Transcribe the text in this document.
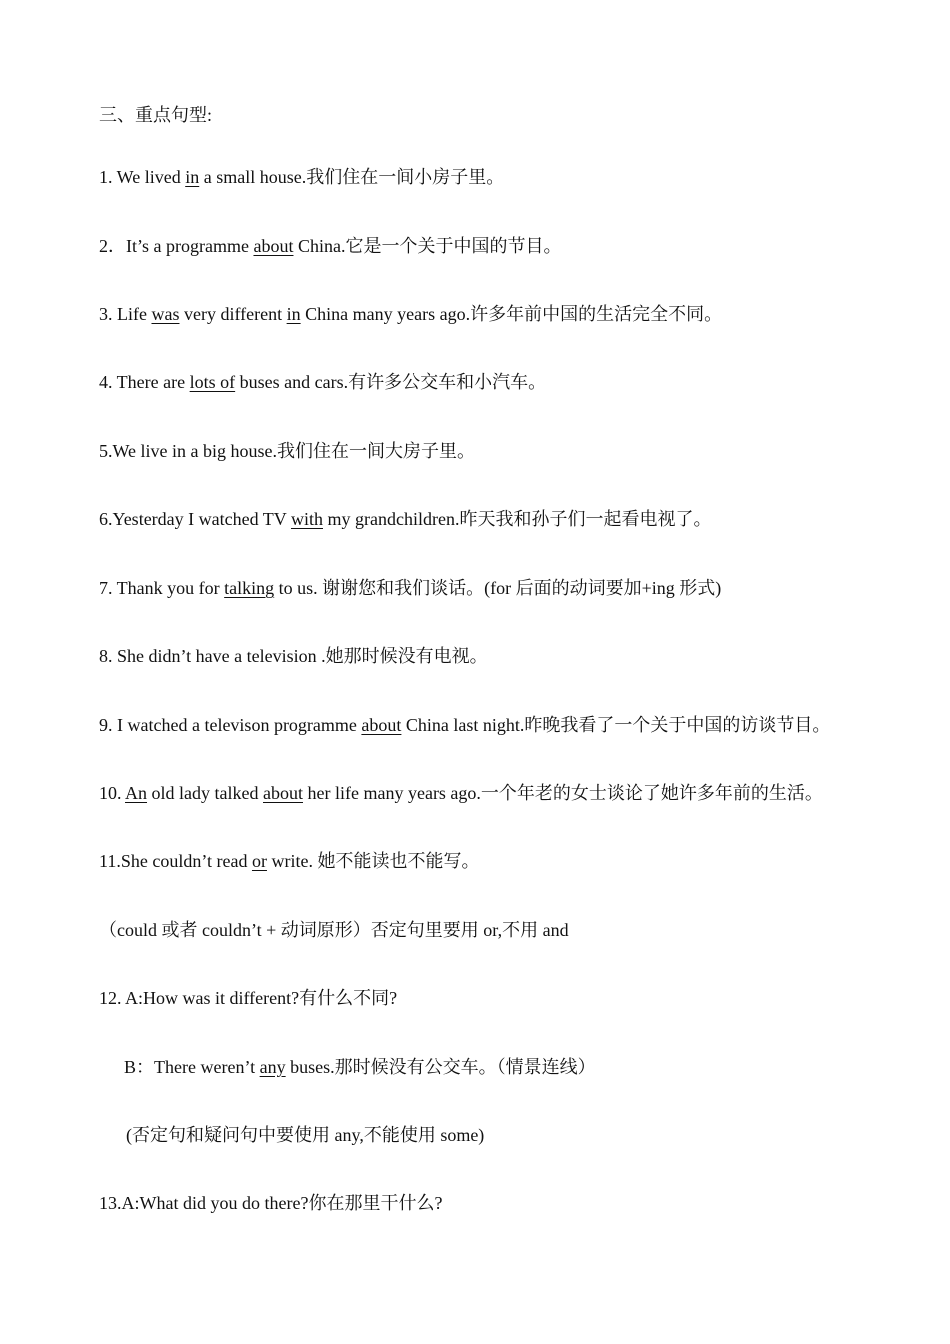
三、重点句型:
1. We lived in a small house.我们住在一间小房子里。
2．It’s a programme about China.它是一个关于中国的节目。
3. Life was very different in China many years ago.许多年前中国的生活完全不同。
4. There are lots of buses and cars.有许多公交车和小汽车。
5.We live in a big house.我们住在一间大房子里。
6.Yesterday I watched TV with my grandchildren.昨天我和孙子们一起看电视了。
7. Thank you for talking to us. 谢谢您和我们谈话。(for 后面的动词要加+ing 形式)
8. She didn’t have a television .她那时候没有电视。
9. I watched a televison programme about China last night.昨晚我看了一个关于中国的访谈节目。
10. An old lady talked about her life many years ago.一个年老的女士谈论了她许多年前的生活。
11.She couldn’t read or write. 她不能读也不能写。
（could 或者 couldn’t + 动词原形）否定句里要用 or,不用 and
12. A:How was it different?有什么不同?
B：There weren’t any buses.那时候没有公交车。（情景连线）
(否定句和疑问句中要使用 any,不能使用 some)
13.A:What did you do there?你在那里干什么?
